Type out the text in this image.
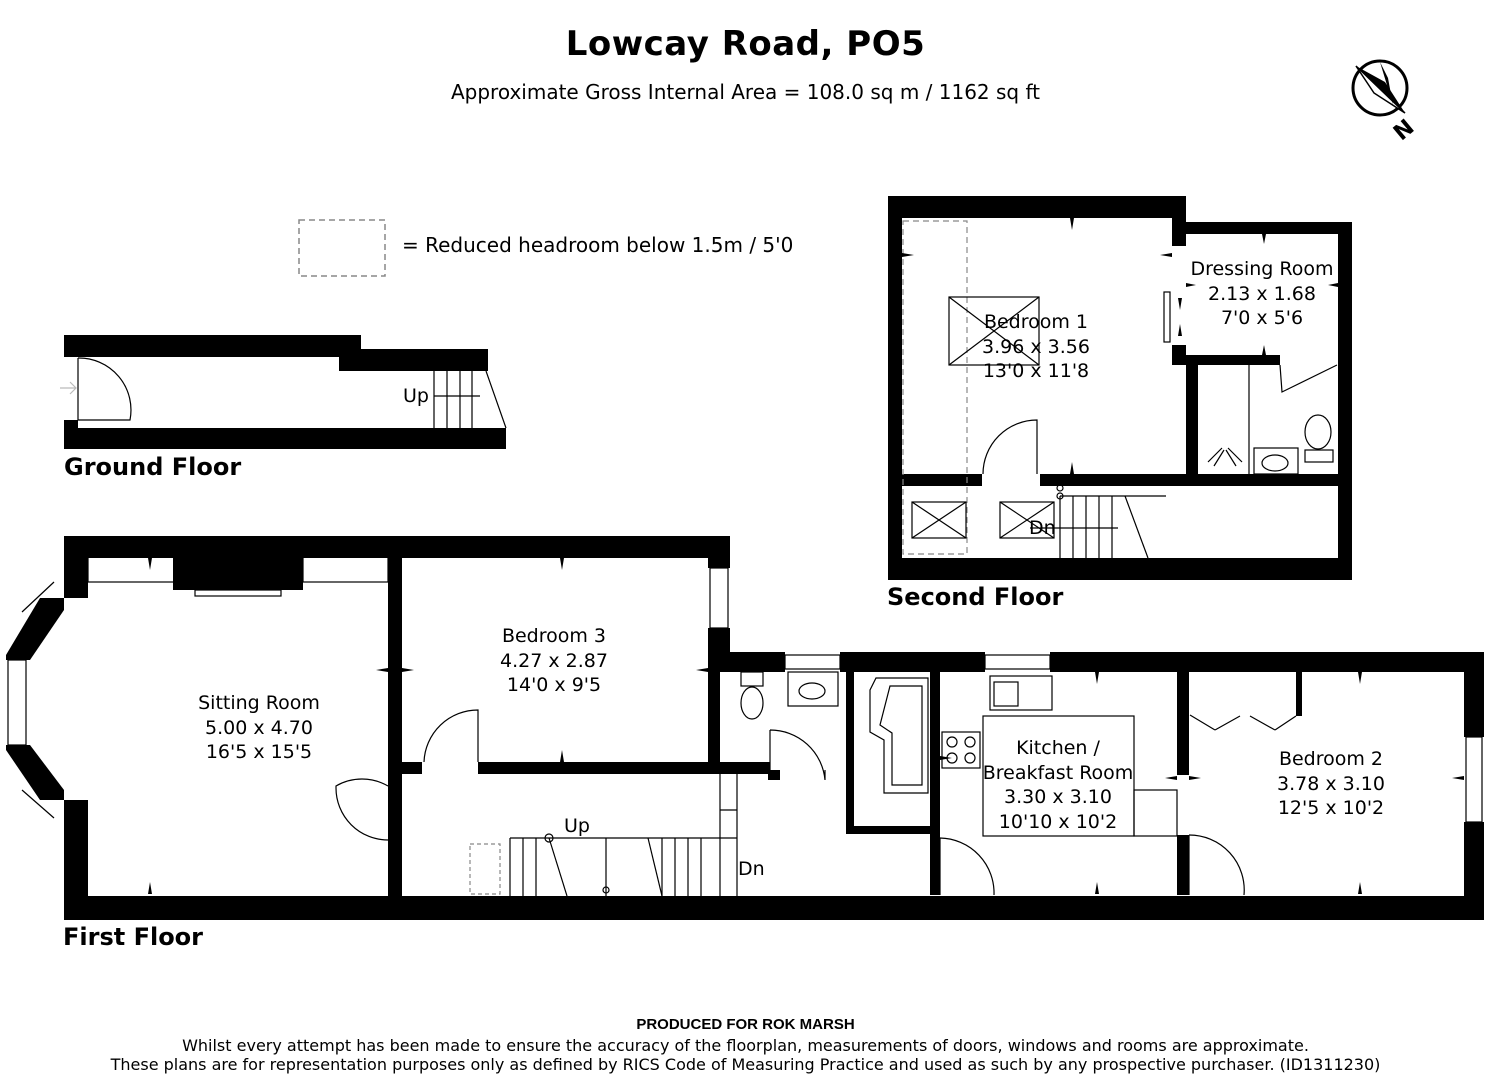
Lowcay Road, PO5
Approximate Gross Internal Area = 108.0 sq m / 1162 sq ft
N
= Reduced headroom below 1.5m / 5'0
Ground Floor
Up
First Floor
Sitting Room
5.00 x 4.70
16'5 x 15'5
Bedroom 3
4.27 x 2.87
14'0 x 9'5
Kitchen /
Breakfast Room
3.30 x 3.10
10'10 x 10'2
Bedroom 2
3.78 x 3.10
12'5 x 10'2
Up
Dn
Second Floor
Bedroom 1
3.96 x 3.56
13'0 x 11'8
Dressing Room
2.13 x 1.68
7'0 x 5'6
Dn
PRODUCED FOR ROK MARSH
Whilst every attempt has been made to ensure the accuracy of the floorplan, measurements of doors, windows and rooms are approximate.
These plans are for representation purposes only as defined by RICS Code of Measuring Practice and used as such by any prospective purchaser. (ID1311230)
